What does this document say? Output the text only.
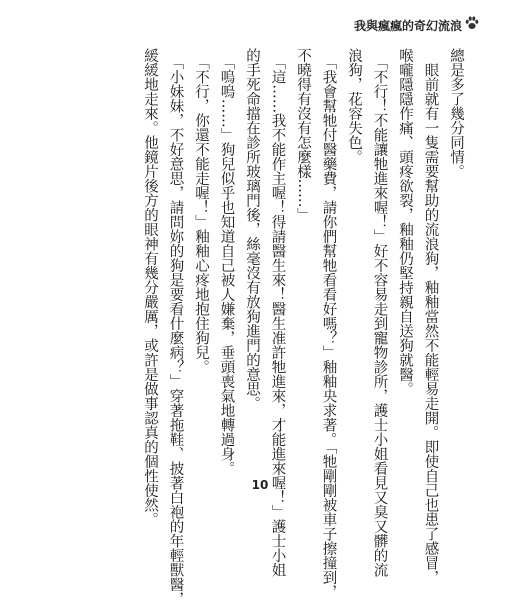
我與瘋瘋的奇幻流浪

總是多了幾分同情。

　眼前就有一隻需要幫助的流浪狗，釉釉當然不能輕易走開。即使自己也患了感冒，

喉嚨隱隱作痛、頭疼欲裂，釉釉仍堅持親自送狗就醫。

　「不行！不能讓牠進來喔！」好不容易走到寵物診所，護士小姐看見又臭又髒的流

浪狗，花容失色。

　「我會幫牠付醫藥費，請你們幫牠看看好嗎？」釉釉央求著。「牠剛剛被車子擦撞到，

不曉得有沒有怎麼樣……」

　「這……我不能作主喔！得請醫生來！醫生准許牠進來，才能進來喔！」護士小姐

的手死命擋在診所玻璃門後，絲毫沒有放狗進門的意思。

　「嗚嗚……」狗兒似乎也知道自己被人嫌棄，垂頭喪氣地轉過身。

　「不行，你還不能走喔！」釉釉心疼地抱住狗兒。

　「小妹妹，不好意思，請問妳的狗是要看什麼病？」穿著拖鞋、披著白袍的年輕獸醫，

緩緩地走來。他鏡片後方的眼神有幾分嚴厲，或許是做事認真的個性使然。	10
